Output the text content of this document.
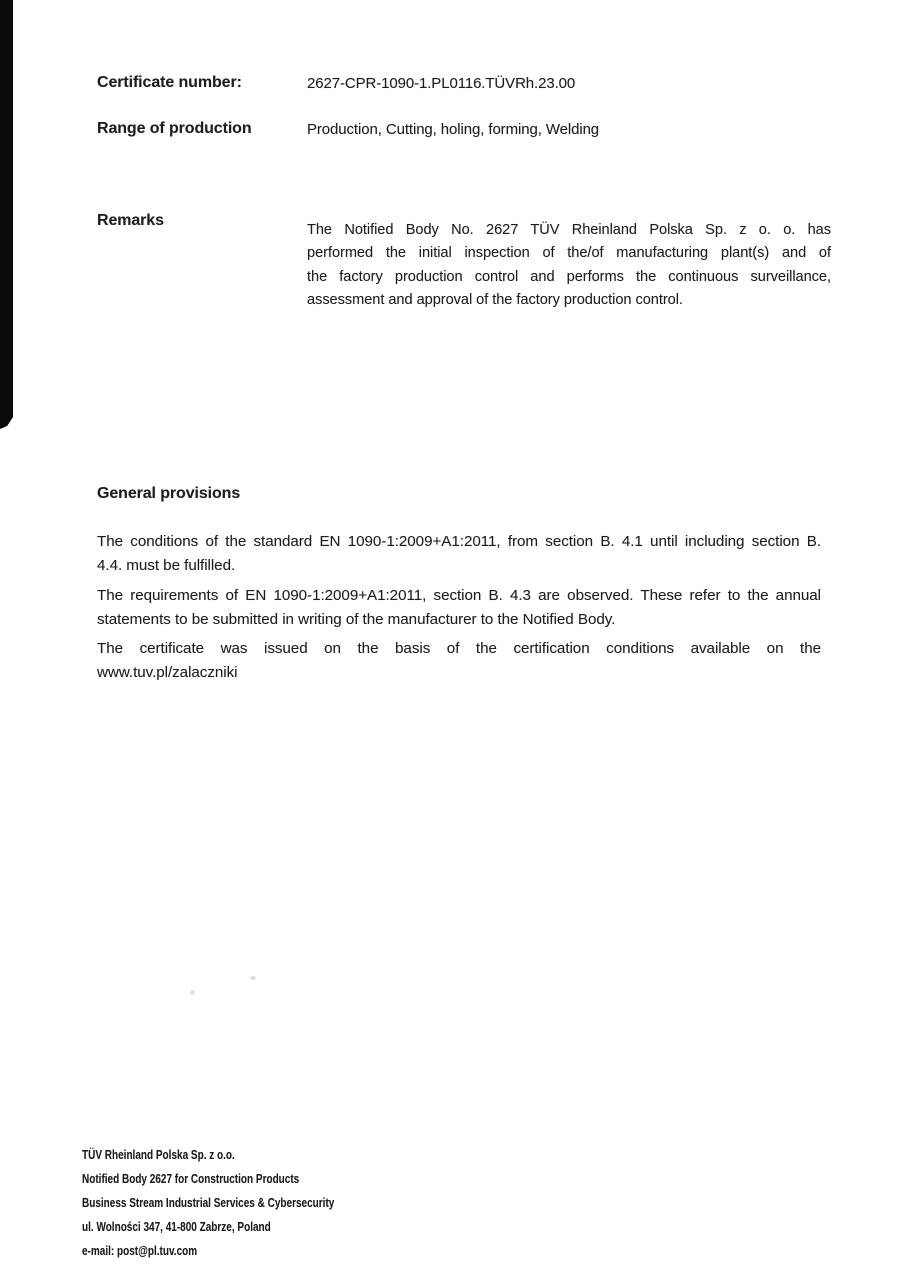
Certificate number:	2627-CPR-1090-1.PL0116.TÜVRh.23.00
Range of production	Production, Cutting, holing, forming, Welding
Remarks
The Notified Body No. 2627 TÜV Rheinland Polska Sp. z o. o. has
performed the initial inspection of the/of manufacturing plant(s) and of
the factory production control and performs the continuous surveillance,
assessment and approval of the factory production control.
General provisions
The conditions of the standard EN 1090-1:2009+A1:2011, from section B. 4.1 until including section B.
4.4. must be fulfilled.
The requirements of EN 1090-1:2009+A1:2011, section B. 4.3 are observed. These refer to the annual
statements to be submitted in writing of the manufacturer to the Notified Body.
The certificate was issued on the basis of the certification conditions available on the
www.tuv.pl/zalaczniki
TÜV Rheinland Polska Sp. z o.o.
Notified Body 2627 for Construction Products
Business Stream Industrial Services & Cybersecurity
ul. Wolności 347, 41-800 Zabrze, Poland
e-mail: post@pl.tuv.com
